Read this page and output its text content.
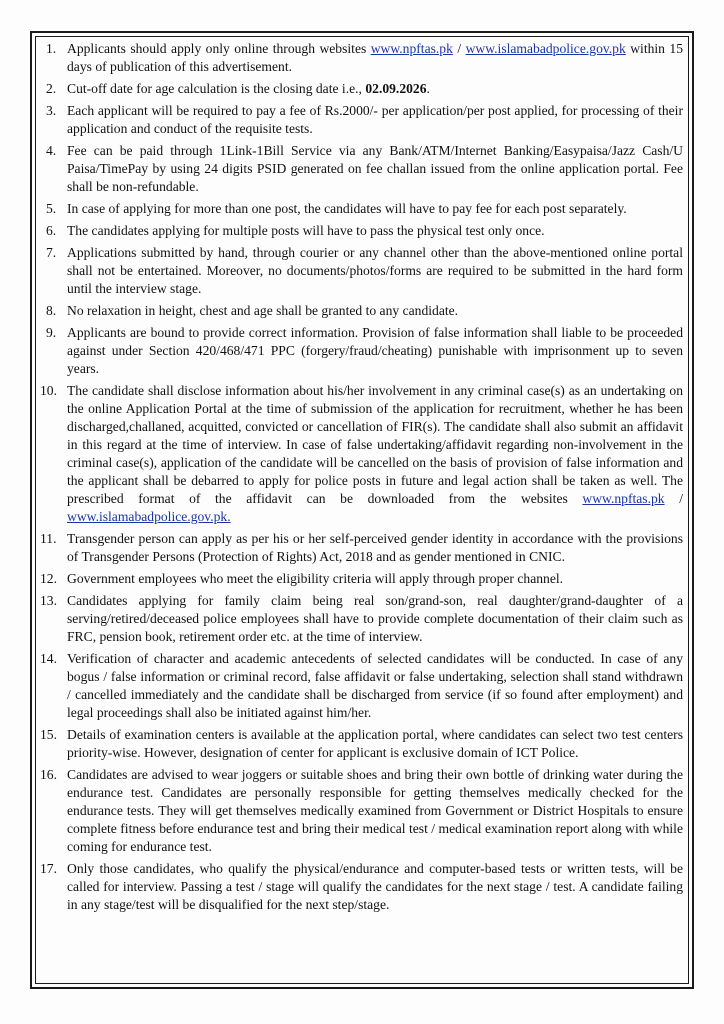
1. Applicants should apply only online through websites www.npftas.pk / www.islamabadpolice.gov.pk within 15 days of publication of this advertisement.
2. Cut-off date for age calculation is the closing date i.e., 02.09.2026.
3. Each applicant will be required to pay a fee of Rs.2000/- per application/per post applied, for processing of their application and conduct of the requisite tests.
4. Fee can be paid through 1Link-1Bill Service via any Bank/ATM/Internet Banking/Easypaisa/Jazz Cash/U Paisa/TimePay by using 24 digits PSID generated on fee challan issued from the online application portal. Fee shall be non-refundable.
5. In case of applying for more than one post, the candidates will have to pay fee for each post separately.
6. The candidates applying for multiple posts will have to pass the physical test only once.
7. Applications submitted by hand, through courier or any channel other than the above-mentioned online portal shall not be entertained. Moreover, no documents/photos/forms are required to be submitted in the hard form until the interview stage.
8. No relaxation in height, chest and age shall be granted to any candidate.
9. Applicants are bound to provide correct information. Provision of false information shall liable to be proceeded against under Section 420/468/471 PPC (forgery/fraud/cheating) punishable with imprisonment up to seven years.
10. The candidate shall disclose information about his/her involvement in any criminal case(s) as an undertaking on the online Application Portal at the time of submission of the application for recruitment, whether he has been discharged,challaned, acquitted, convicted or cancellation of FIR(s). The candidate shall also submit an affidavit in this regard at the time of interview. In case of false undertaking/affidavit regarding non-involvement in the criminal case(s), application of the candidate will be cancelled on the basis of provision of false information and the applicant shall be debarred to apply for police posts in future and legal action shall be taken as well. The prescribed format of the affidavit can be downloaded from the websites www.npftas.pk / www.islamabadpolice.gov.pk.
11. Transgender person can apply as per his or her self-perceived gender identity in accordance with the provisions of Transgender Persons (Protection of Rights) Act, 2018 and as gender mentioned in CNIC.
12. Government employees who meet the eligibility criteria will apply through proper channel.
13. Candidates applying for family claim being real son/grand-son, real daughter/grand-daughter of a serving/retired/deceased police employees shall have to provide complete documentation of their claim such as FRC, pension book, retirement order etc. at the time of interview.
14. Verification of character and academic antecedents of selected candidates will be conducted. In case of any bogus / false information or criminal record, false affidavit or false undertaking, selection shall stand withdrawn / cancelled immediately and the candidate shall be discharged from service (if so found after employment) and legal proceedings shall also be initiated against him/her.
15. Details of examination centers is available at the application portal, where candidates can select two test centers priority-wise. However, designation of center for applicant is exclusive domain of ICT Police.
16. Candidates are advised to wear joggers or suitable shoes and bring their own bottle of drinking water during the endurance test. Candidates are personally responsible for getting themselves medically checked for the endurance tests. They will get themselves medically examined from Government or District Hospitals to ensure complete fitness before endurance test and bring their medical test / medical examination report along with while coming for endurance test.
17. Only those candidates, who qualify the physical/endurance and computer-based tests or written tests, will be called for interview. Passing a test / stage will qualify the candidates for the next stage / test. A candidate failing in any stage/test will be disqualified for the next step/stage.
